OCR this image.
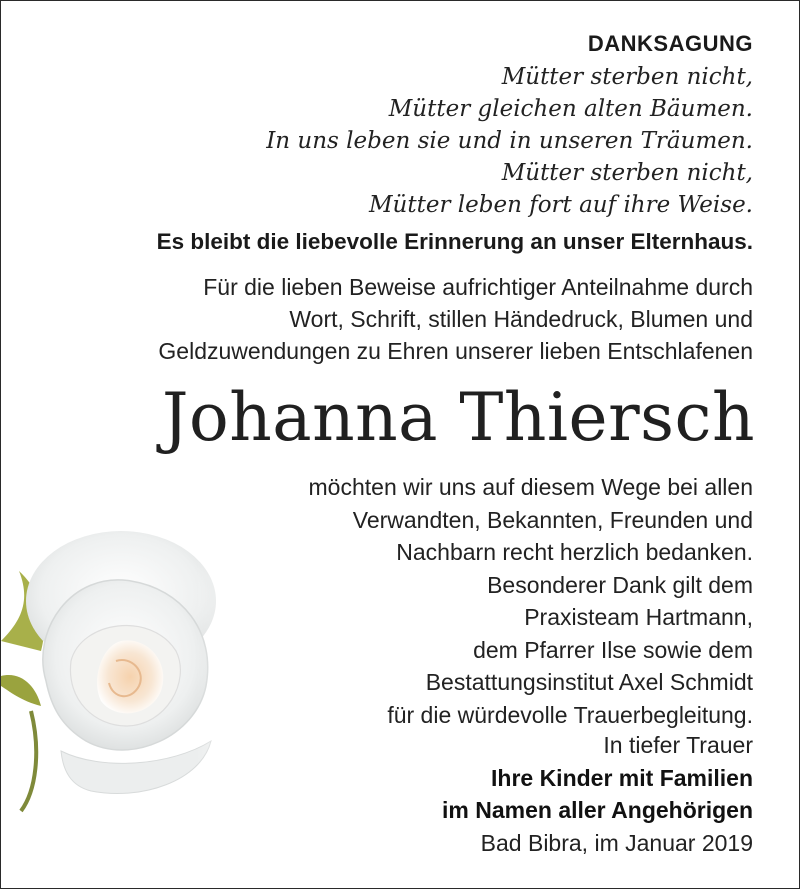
DANKSAGUNG
Mütter sterben nicht,
Mütter gleichen alten Bäumen.
In uns leben sie und in unseren Träumen.
Mütter sterben nicht,
Mütter leben fort auf ihre Weise.
Es bleibt die liebevolle Erinnerung an unser Elternhaus.
Für die lieben Beweise aufrichtiger Anteilnahme durch
Wort, Schrift, stillen Händedruck, Blumen und
Geldzuwendungen zu Ehren unserer lieben Entschlafenen
Johanna Thiersch
möchten wir uns auf diesem Wege bei allen
Verwandten, Bekannten, Freunden und
Nachbarn recht herzlich bedanken.
Besonderer Dank gilt dem
Praxisteam Hartmann,
dem Pfarrer Ilse sowie dem
Bestattungsinstitut Axel Schmidt
für die würdevolle Trauerbegleitung.
In tiefer Trauer
Ihre Kinder mit Familien
im Namen aller Angehörigen
Bad Bibra, im Januar 2019
